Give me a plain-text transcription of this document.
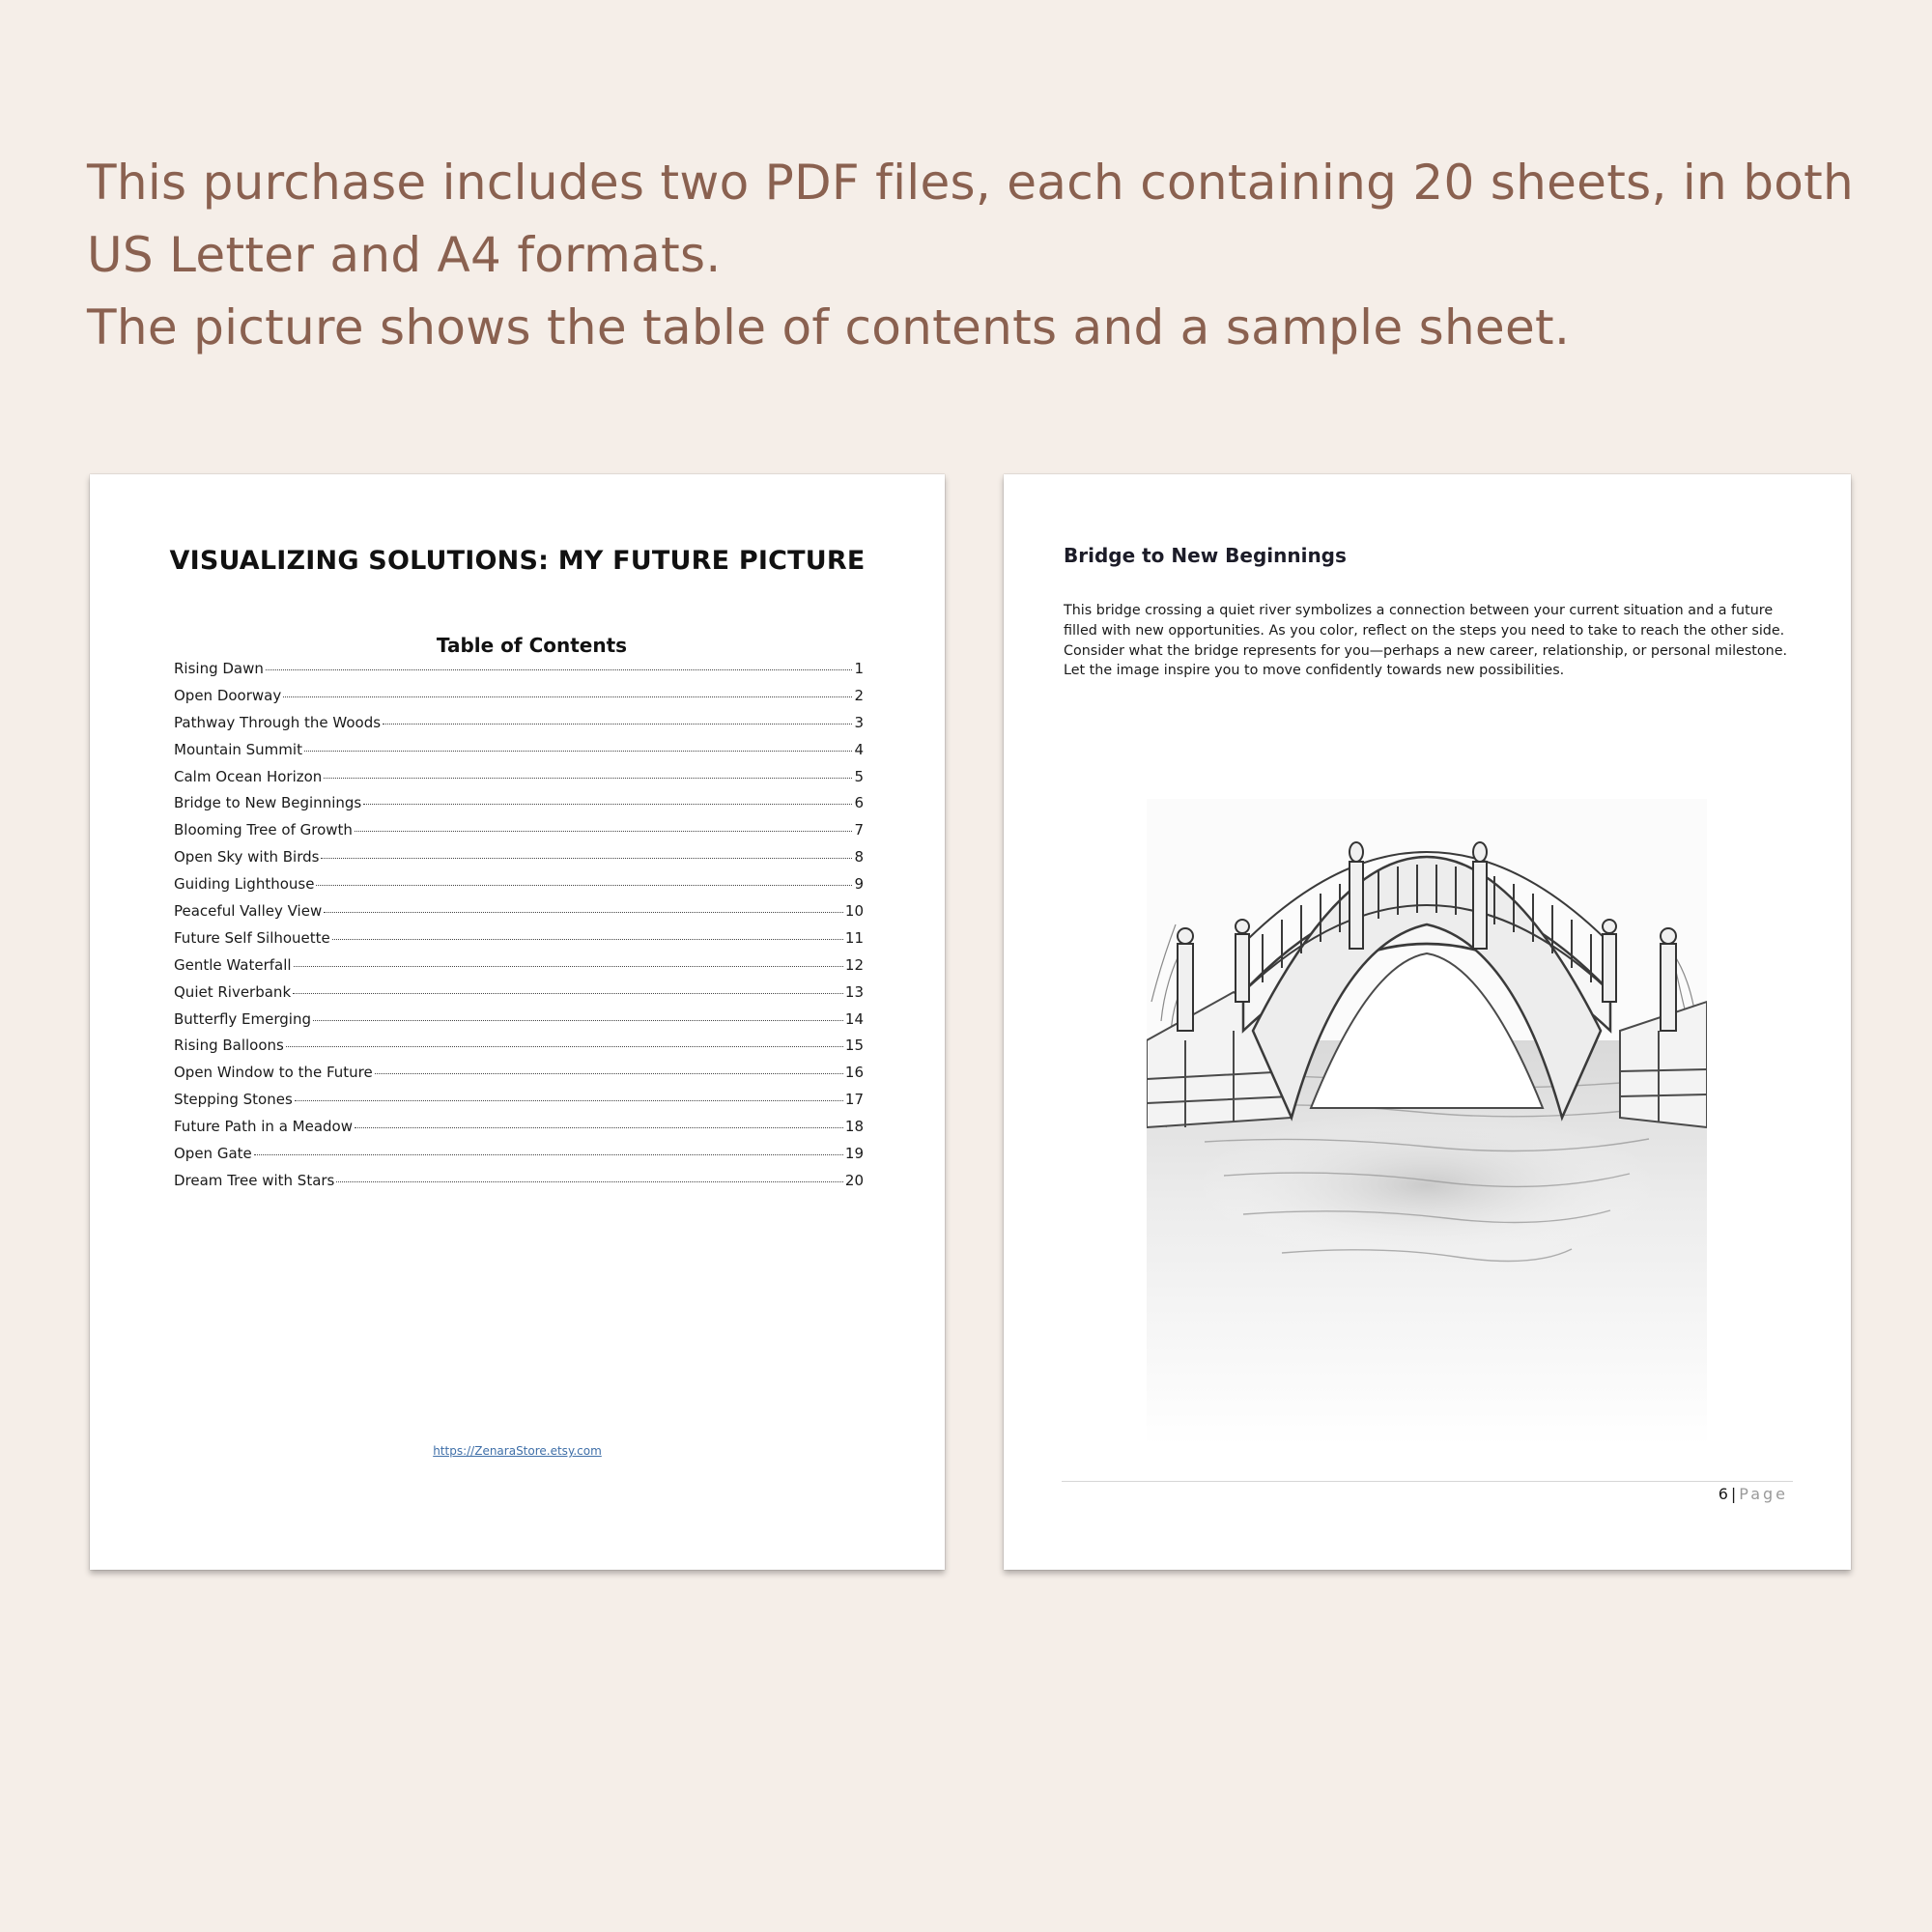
This purchase includes two PDF files, each containing 20 sheets, in both
US Letter and A4 formats.
The picture shows the table of contents and a sample sheet.
VISUALIZING SOLUTIONS: MY FUTURE PICTURE
Table of Contents
Rising Dawn	1
Open Doorway	2
Pathway Through the Woods	3
Mountain Summit	4
Calm Ocean Horizon	5
Bridge to New Beginnings	6
Blooming Tree of Growth	7
Open Sky with Birds	8
Guiding Lighthouse	9
Peaceful Valley View	10
Future Self Silhouette	11
Gentle Waterfall	12
Quiet Riverbank	13
Butterfly Emerging	14
Rising Balloons	15
Open Window to the Future	16
Stepping Stones	17
Future Path in a Meadow	18
Open Gate	19
Dream Tree with Stars	20
https://ZenaraStore.etsy.com
Bridge to New Beginnings
This bridge crossing a quiet river symbolizes a connection between your current situation and a future filled with new opportunities. As you color, reflect on the steps you need to take to reach the other side. Consider what the bridge represents for you—perhaps a new career, relationship, or personal milestone. Let the image inspire you to move confidently towards new possibilities.
6 | Page
